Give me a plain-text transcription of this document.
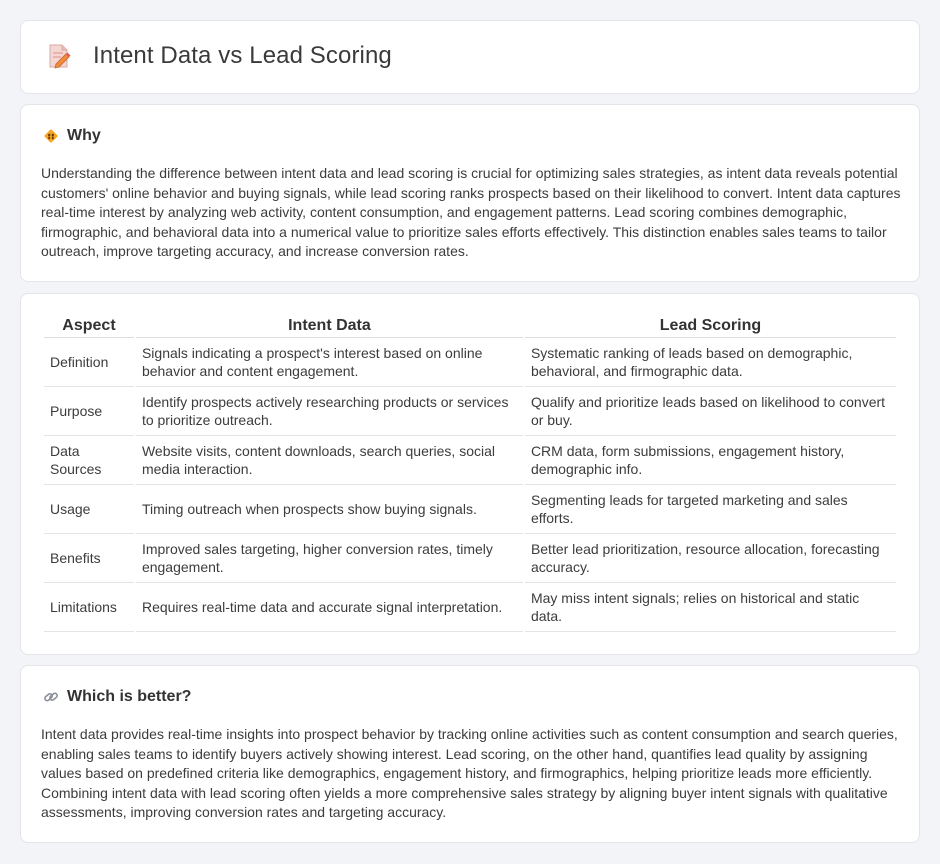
Intent Data vs Lead Scoring
Why

Understanding the difference between intent data and lead scoring is crucial for optimizing sales strategies, as intent data reveals potential customers' online behavior and buying signals, while lead scoring ranks prospects based on their likelihood to convert. Intent data captures real-time interest by analyzing web activity, content consumption, and engagement patterns. Lead scoring combines demographic, firmographic, and behavioral data into a numerical value to prioritize sales efforts effectively. This distinction enables sales teams to tailor outreach, improve targeting accuracy, and increase conversion rates.

Aspect	Intent Data	Lead Scoring
Definition	Signals indicating a prospect's interest based on online behavior and content engagement.	Systematic ranking of leads based on demographic, behavioral, and firmographic data.
Purpose	Identify prospects actively researching products or services to prioritize outreach.	Qualify and prioritize leads based on likelihood to convert or buy.
Data Sources	Website visits, content downloads, search queries, social media interaction.	CRM data, form submissions, engagement history, demographic info.
Usage	Timing outreach when prospects show buying signals.	Segmenting leads for targeted marketing and sales efforts.
Benefits	Improved sales targeting, higher conversion rates, timely engagement.	Better lead prioritization, resource allocation, forecasting accuracy.
Limitations	Requires real-time data and accurate signal interpretation.	May miss intent signals; relies on historical and static data.
Which is better?

Intent data provides real-time insights into prospect behavior by tracking online activities such as content consumption and search queries, enabling sales teams to identify buyers actively showing interest. Lead scoring, on the other hand, quantifies lead quality by assigning values based on predefined criteria like demographics, engagement history, and firmographics, helping prioritize leads more efficiently. Combining intent data with lead scoring often yields a more comprehensive sales strategy by aligning buyer intent signals with qualitative assessments, improving conversion rates and targeting accuracy.
